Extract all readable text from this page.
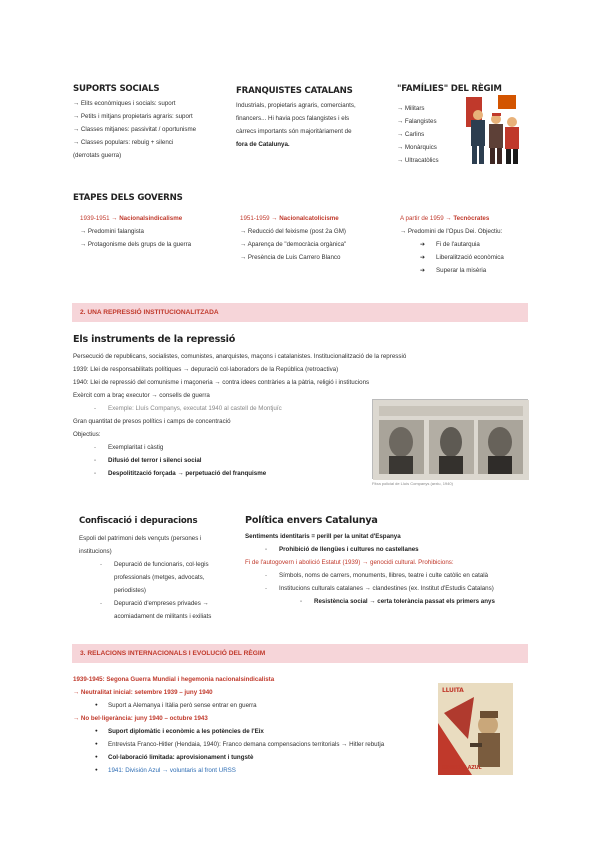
SUPORTS SOCIALS
→ Elits econòmiques i socials: suport
→ Petits i mitjans propietaris agraris: suport
→ Classes mitjanes: passivitat / oportunisme
→ Classes populars: rebuig + silenci
(derrotats guerra)
FRANQUISTES CATALANS
Industrials, propietaris agraris, comerciants,
financers... Hi havia pocs falangistes i els
càrrecs importants són majoritàriament de
fora de Catalunya.
"FAMÍLIES" DEL RÈGIM
→ Militars
→ Falangistes
→ Carlins
→ Monàrquics
→ Ultracatòlics
ETAPES DELS GOVERNS
1939-1951 → Nacionalsindicalisme
→ Predomini falangista
→ Protagonisme dels grups de la guerra
1951-1959 → Nacionalcatolicisme
→ Reducció del feixisme (post 2a GM)
→ Aparença de "democràcia orgànica"
→ Presència de Luis Carrero Blanco
A partir de 1959 → Tecnòcrates
→ Predomini de l'Opus Dei. Objectiu:
➔ Fi de l'autarquia
➔ Liberalització econòmica
➔ Superar la misèria
2. UNA REPRESSIÓ INSTITUCIONALITZADA
Els instruments de la repressió
Persecució de republicans, socialistes, comunistes, anarquistes, maçons i catalanistes. Institucionalització de la repressió
1939: Llei de responsabilitats polítiques → depuració col·laboradors de la República (retroactiva)
1940: Llei de repressió del comunisme i maçoneria → contra idees contràries a la pàtria, religió i institucions
Exèrcit com a braç executor → consells de guerra
- Exemple: Lluís Companys, executat 1940 al castell de Montjuïc
Gran quantitat de presos polítics i camps de concentració
Objectius:
- Exemplaritat i càstig
- Difusió del terror i silenci social
- Despolitització forçada → perpetuació del franquisme
Fitxa policial de Lluís Companys (arxiu, 1940)
Confiscació i depuracions
Espoli del patrimoni dels vençuts (persones i
institucions)
- Depuració de funcionaris, col·legis
professionals (metges, advocats,
periodistes)
- Depuració d'empreses privades →
acomiadament de militants i exiliats
Política envers Catalunya
Sentiments identitaris = perill per la unitat d'Espanya
- Prohibició de llengües i cultures no castellanes
Fi de l'autogovern i abolició Estatut (1939) → genocidi cultural. Prohibicions:
- Símbols, noms de carrers, monuments, llibres, teatre i culte catòlic en català
- Institucions culturals catalanes → clandestines (ex. Institut d'Estudis Catalans)
- Resistència social → certa tolerància passat els primers anys
3. RELACIONS INTERNACIONALS I EVOLUCIÓ DEL RÈGIM
1939-1945: Segona Guerra Mundial i hegemonia nacionalsindicalista
→ Neutralitat inicial: setembre 1939 – juny 1940
● Suport a Alemanya i Itàlia però sense entrar en guerra
→ No bel·ligerància: juny 1940 – octubre 1943
● Suport diplomàtic i econòmic a les potències de l'Eix
● Entrevista Franco-Hitler (Hendaia, 1940): Franco demana compensacions territorials → Hitler rebutja
● Col·laboració limitada: aprovisionament i tungstè
● 1941: División Azul → voluntaris al front URSS
LLUITA
DIVISIÓN AZUL
